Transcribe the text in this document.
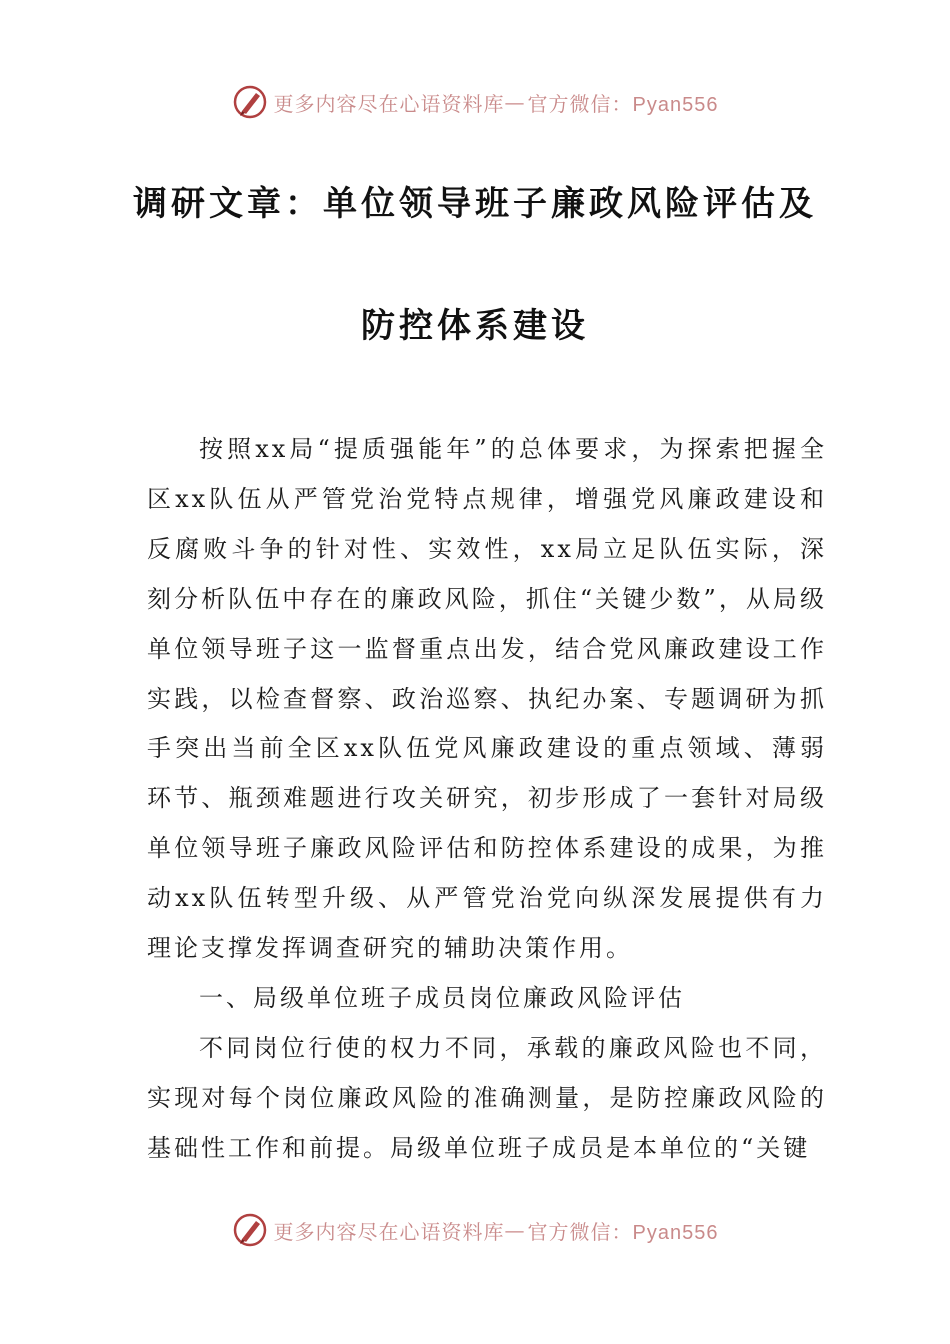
更多内容尽在心语资料库 — 官方微信：Pyan556
调研文章：单位领导班子廉政风险评估及
防控体系建设

按照xx局“提质强能年”的总体要求，为探索把握全区xx队伍从严管党治党特点规律，增强党风廉政建设和反腐败斗争的针对性、实效性，xx局立足队伍实际，深刻分析队伍中存在的廉政风险，抓住“关键少数”，从局级单位领导班子这一监督重点出发，结合党风廉政建设工作实践，以检查督察、政治巡察、执纪办案、专题调研为抓手突出当前全区xx队伍党风廉政建设的重点领域、薄弱环节、瓶颈难题进行攻关研究，初步形成了一套针对局级单位领导班子廉政风险评估和防控体系建设的成果，为推动xx队伍转型升级、从严管党治党向纵深发展提供有力理论支撑发挥调查研究的辅助决策作用。

一、局级单位班子成员岗位廉政风险评估

不同岗位行使的权力不同，承载的廉政风险也不同，实现对每个岗位廉政风险的准确测量，是防控廉政风险的基础性工作和前提。局级单位班子成员是本单位的“关键

更多内容尽在心语资料库 — 官方微信：Pyan556
